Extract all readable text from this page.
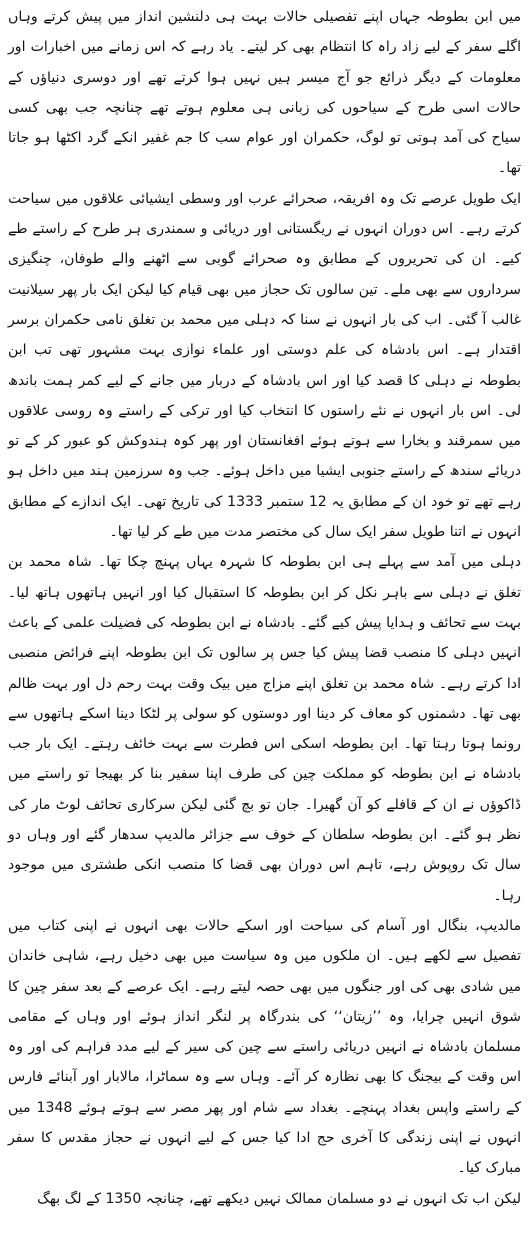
میں ابن بطوطہ جہاں اپنے تفصیلی حالات بہت ہی دلنشین انداز میں پیش کرتے وہاں اگلے سفر کے لیے زاد راہ کا انتظام بھی کر لیتے۔ یاد رہے کہ اس زمانے میں اخبارات اور معلومات کے دیگر ذرائع جو آج میسر ہیں نہیں ہوا کرتے تھے اور دوسری دنیاؤں کے حالات اسی طرح کے سیاحوں کی زبانی ہی معلوم ہوتے تھے چنانچہ جب بھی کسی سیاح کی آمد ہوتی تو لوگ، حکمران اور عوام سب کا جم غفیر انکے گرد اکٹھا ہو جاتا تھا۔

ایک طویل عرصے تک وہ افریقہ، صحرائے عرب اور وسطی ایشیائی علاقوں میں سیاحت کرتے رہے۔ اس دوران انہوں نے ریگستانی اور دریائی و سمندری ہر طرح کے راستے طے کیے۔ ان کی تحریروں کے مطابق وہ صحرائے گوبی سے اٹھنے والے طوفان، چنگیزی سرداروں سے بھی ملے۔ تین سالوں تک حجاز میں بھی قیام کیا لیکن ایک بار پھر سیلانیت غالب آ گئی۔ اب کی بار انہوں نے سنا کہ دہلی میں محمد بن تغلق نامی حکمران برسر اقتدار ہے۔ اس بادشاہ کی علم دوستی اور علماء نوازی بہت مشہور تھی تب ابن بطوطہ نے دہلی کا قصد کیا اور اس بادشاہ کے دربار میں جانے کے لیے کمر ہمت باندھ لی۔ اس بار انہوں نے نئے راستوں کا انتخاب کیا اور ترکی کے راستے وہ روسی علاقوں میں سمرقند و بخارا سے ہوتے ہوئے افغانستان اور پھر کوہ ہندوکش کو عبور کر کے تو دریائے سندھ کے راستے جنوبی ایشیا میں داخل ہوئے۔ جب وہ سرزمین ہند میں داخل ہو رہے تھے تو خود ان کے مطابق یہ 12 ستمبر 1333 کی تاریخ تھی۔ ایک اندازے کے مطابق انہوں نے اتنا طویل سفر ایک سال کی مختصر مدت میں طے کر لیا تھا۔

دہلی میں آمد سے پہلے ہی ابن بطوطہ کا شہرہ یہاں پہنچ چکا تھا۔ شاہ محمد بن تغلق نے دہلی سے باہر نکل کر ابن بطوطہ کا استقبال کیا اور انہیں ہاتھوں ہاتھ لیا۔ بہت سے تحائف و ہدایا پیش کیے گئے۔ بادشاہ نے ابن بطوطہ کی فضیلت علمی کے باعث انہیں دہلی کا منصب قضا پیش کیا جس پر سالوں تک ابن بطوطہ اپنے فرائض منصبی ادا کرتے رہے۔ شاہ محمد بن تغلق اپنے مزاج میں بیک وقت بہت رحم دل اور بہت ظالم بھی تھا۔ دشمنوں کو معاف کر دینا اور دوستوں کو سولی پر لٹکا دینا اسکے ہاتھوں سے رونما ہوتا رہتا تھا۔ ابن بطوطہ اسکی اس فطرت سے بہت خائف رہتے۔ ایک بار جب بادشاہ نے ابن بطوطہ کو مملکت چین کی طرف اپنا سفیر بنا کر بھیجا تو راستے میں ڈاکوؤں نے ان کے قافلے کو آن گھیرا۔ جان تو بچ گئی لیکن سرکاری تحائف لوٹ مار کی نظر ہو گئے۔ ابن بطوطہ سلطان کے خوف سے جزائر مالدیپ سدھار گئے اور وہاں دو سال تک روپوش رہے، تاہم اس دوران بھی قضا کا منصب انکی طشتری میں موجود رہا۔

مالدیپ، بنگال اور آسام کی سیاحت اور اسکے حالات بھی انہوں نے اپنی کتاب میں تفصیل سے لکھے ہیں۔ ان ملکوں میں وہ سیاست میں بھی دخیل رہے، شاہی خاندان میں شادی بھی کی اور جنگوں میں بھی حصہ لیتے رہے۔ ایک عرصے کے بعد سفر چین کا شوق انہیں چرایا، وہ ’’زیتان‘‘ کی بندرگاہ پر لنگر انداز ہوئے اور وہاں کے مقامی مسلمان بادشاہ نے انہیں دریائی راستے سے چین کی سیر کے لیے مدد فراہم کی اور وہ اس وقت کے بیجنگ کا بھی نظارہ کر آئے۔ وہاں سے وہ سماٹرا، مالابار اور آبنائے فارس کے راستے واپس بغداد پہنچے۔ بغداد سے شام اور پھر مصر سے ہوتے ہوئے 1348 میں انہوں نے اپنی زندگی کا آخری حج ادا کیا جس کے لیے انہوں نے حجاز مقدس کا سفر مبارک کیا۔

لیکن اب تک انہوں نے دو مسلمان ممالک نہیں دیکھے تھے، چنانچہ 1350 کے لگ بھگ
